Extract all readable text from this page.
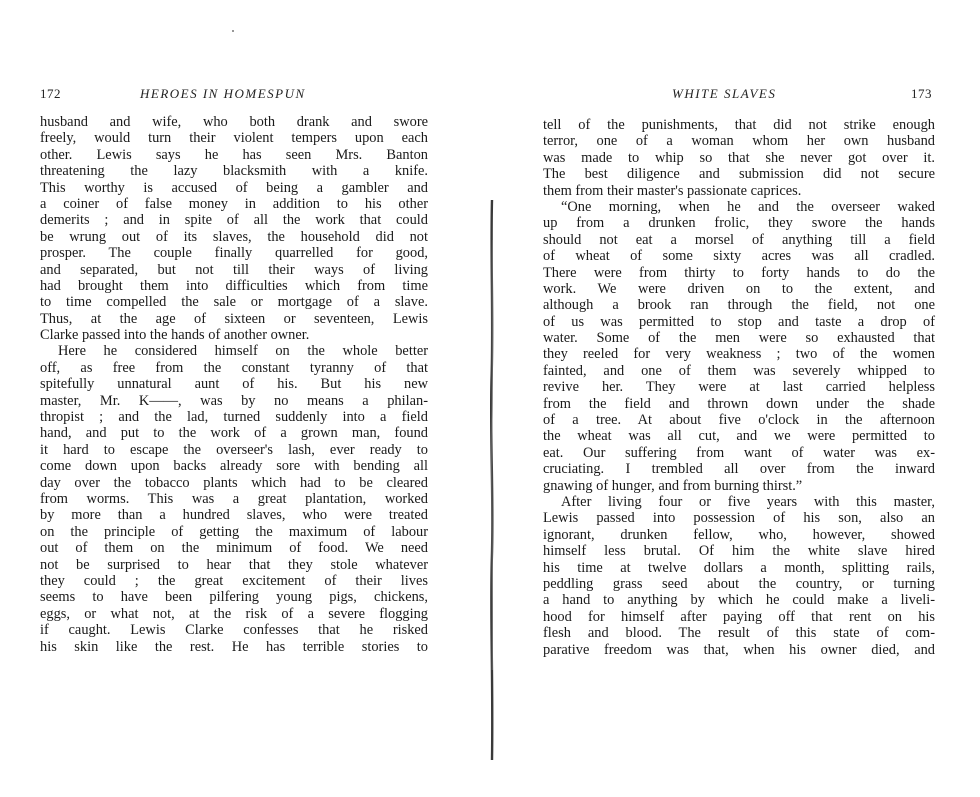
172	HEROES IN HOMESPUN
husband and wife, who both drank and swore
freely, would turn their violent tempers upon each
other. Lewis says he has seen Mrs. Banton
threatening the lazy blacksmith with a knife.
This worthy is accused of being a gambler and
a coiner of false money in addition to his other
demerits ; and in spite of all the work that could
be wrung out of its slaves, the household did not
prosper. The couple finally quarrelled for good,
and separated, but not till their ways of living
had brought them into difficulties which from time
to time compelled the sale or mortgage of a slave.
Thus, at the age of sixteen or seventeen, Lewis
Clarke passed into the hands of another owner.
Here he considered himself on the whole better
off, as free from the constant tyranny of that
spitefully unnatural aunt of his. But his new
master, Mr. K——, was by no means a philan-
thropist ; and the lad, turned suddenly into a field
hand, and put to the work of a grown man, found
it hard to escape the overseer's lash, ever ready to
come down upon backs already sore with bending all
day over the tobacco plants which had to be cleared
from worms. This was a great plantation, worked
by more than a hundred slaves, who were treated
on the principle of getting the maximum of labour
out of them on the minimum of food. We need
not be surprised to hear that they stole whatever
they could ; the great excitement of their lives
seems to have been pilfering young pigs, chickens,
eggs, or what not, at the risk of a severe flogging
if caught. Lewis Clarke confesses that he risked
his skin like the rest. He has terrible stories to
WHITE SLAVES	173
tell of the punishments, that did not strike enough
terror, one of a woman whom her own husband
was made to whip so that she never got over it.
The best diligence and submission did not secure
them from their master's passionate caprices.
“One morning, when he and the overseer waked
up from a drunken frolic, they swore the hands
should not eat a morsel of anything till a field
of wheat of some sixty acres was all cradled.
There were from thirty to forty hands to do the
work. We were driven on to the extent, and
although a brook ran through the field, not one
of us was permitted to stop and taste a drop of
water. Some of the men were so exhausted that
they reeled for very weakness ; two of the women
fainted, and one of them was severely whipped to
revive her. They were at last carried helpless
from the field and thrown down under the shade
of a tree. At about five o'clock in the afternoon
the wheat was all cut, and we were permitted to
eat. Our suffering from want of water was ex-
cruciating. I trembled all over from the inward
gnawing of hunger, and from burning thirst.”
After living four or five years with this master,
Lewis passed into possession of his son, also an
ignorant, drunken fellow, who, however, showed
himself less brutal. Of him the white slave hired
his time at twelve dollars a month, splitting rails,
peddling grass seed about the country, or turning
a hand to anything by which he could make a liveli-
hood for himself after paying off that rent on his
flesh and blood. The result of this state of com-
parative freedom was that, when his owner died, and
